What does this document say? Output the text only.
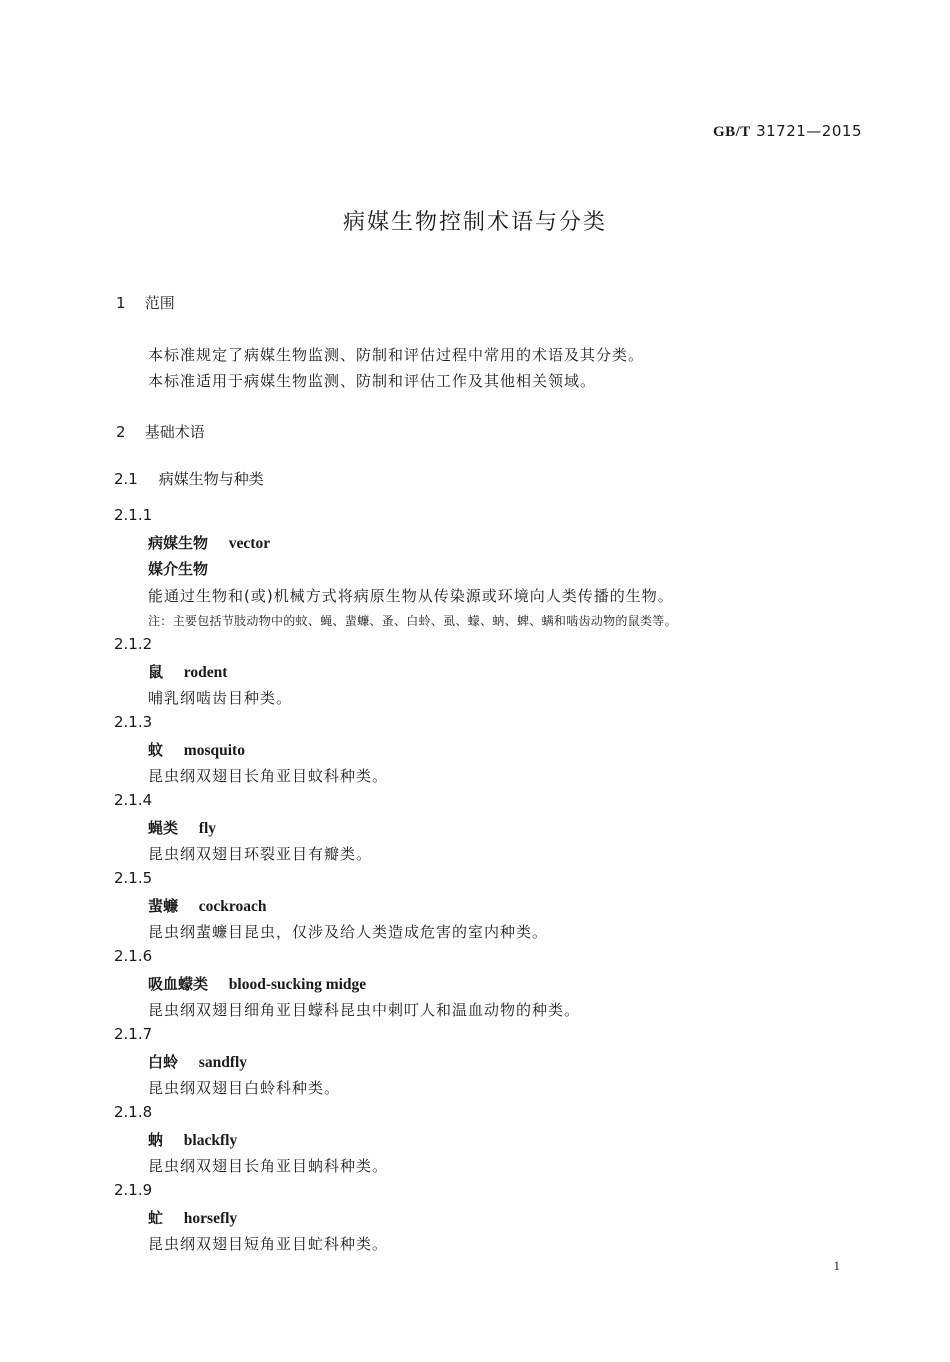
GB/T 31721—2015
病媒生物控制术语与分类
1 范围
本标准规定了病媒生物监测、防制和评估过程中常用的术语及其分类。
本标准适用于病媒生物监测、防制和评估工作及其他相关领域。
2 基础术语
2.1 病媒生物与种类
2.1.1
病媒生物 vector
媒介生物
能通过生物和(或)机械方式将病原生物从传染源或环境向人类传播的生物。
注：主要包括节肢动物中的蚊、蝇、蜚蠊、蚤、白蛉、虱、蠓、蚋、蜱、螨和啮齿动物的鼠类等。
2.1.2
鼠 rodent
哺乳纲啮齿目种类。
2.1.3
蚊 mosquito
昆虫纲双翅目长角亚目蚊科种类。
2.1.4
蝇类 fly
昆虫纲双翅目环裂亚目有瓣类。
2.1.5
蜚蠊 cockroach
昆虫纲蜚蠊目昆虫，仅涉及给人类造成危害的室内种类。
2.1.6
吸血蠓类 blood-sucking midge
昆虫纲双翅目细角亚目蠓科昆虫中刺叮人和温血动物的种类。
2.1.7
白蛉 sandfly
昆虫纲双翅目白蛉科种类。
2.1.8
蚋 blackfly
昆虫纲双翅目长角亚目蚋科种类。
2.1.9
虻 horsefly
昆虫纲双翅目短角亚目虻科种类。
1
